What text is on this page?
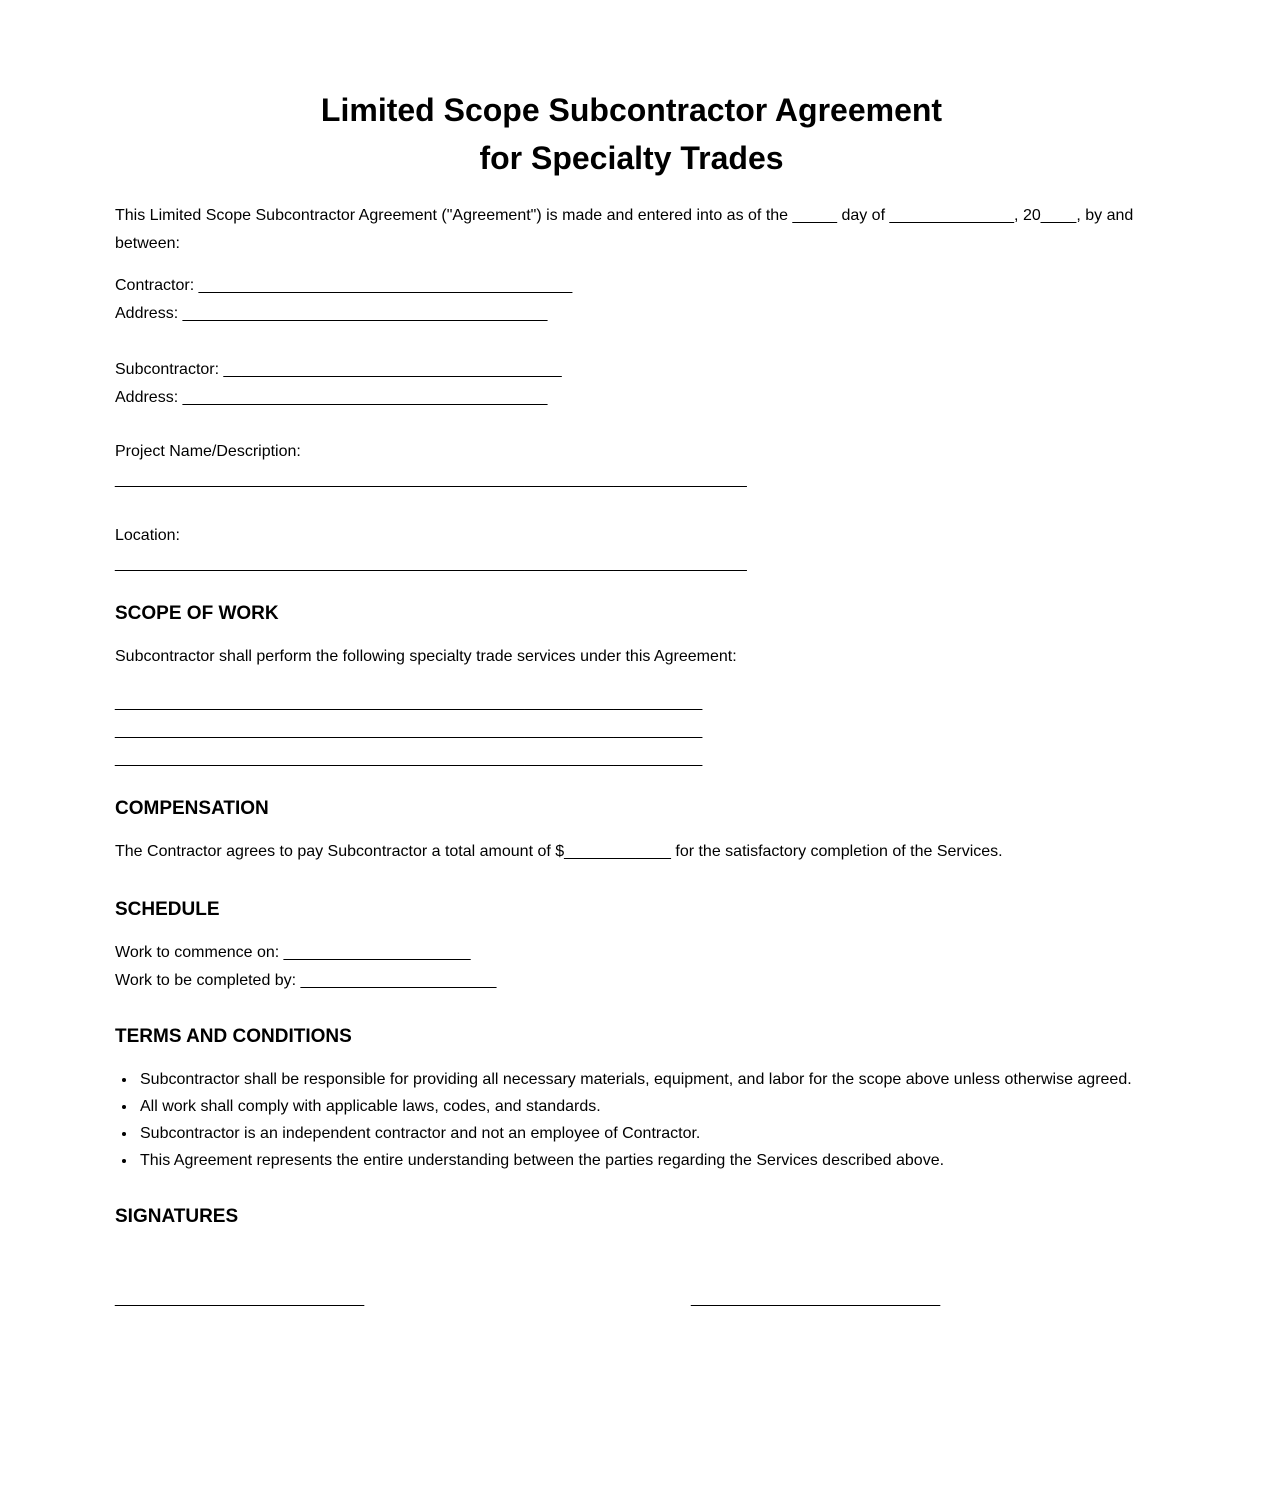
Limited Scope Subcontractor Agreement
for Specialty Trades

This Limited Scope Subcontractor Agreement ("Agreement") is made and entered into as of the _____ day of ______________, 20____, by and between:

Contractor: __________________________________________
Address: _________________________________________
Subcontractor: ______________________________________
Address: _________________________________________
Project Name/Description:
_______________________________________________________________________
Location:
_______________________________________________________________________
SCOPE OF WORK

Subcontractor shall perform the following specialty trade services under this Agreement:

__________________________________________________________________
__________________________________________________________________
__________________________________________________________________
COMPENSATION

The Contractor agrees to pay Subcontractor a total amount of $____________ for the satisfactory completion of the Services.

SCHEDULE
Work to commence on: _____________________
Work to be completed by: ______________________
TERMS AND CONDITIONS
• Subcontractor shall be responsible for providing all necessary materials, equipment, and labor for the scope above unless otherwise agreed.
• All work shall comply with applicable laws, codes, and standards.
• Subcontractor is an independent contractor and not an employee of Contractor.
• This Agreement represents the entire understanding between the parties regarding the Services described above.
SIGNATURES
____________________________	____________________________
